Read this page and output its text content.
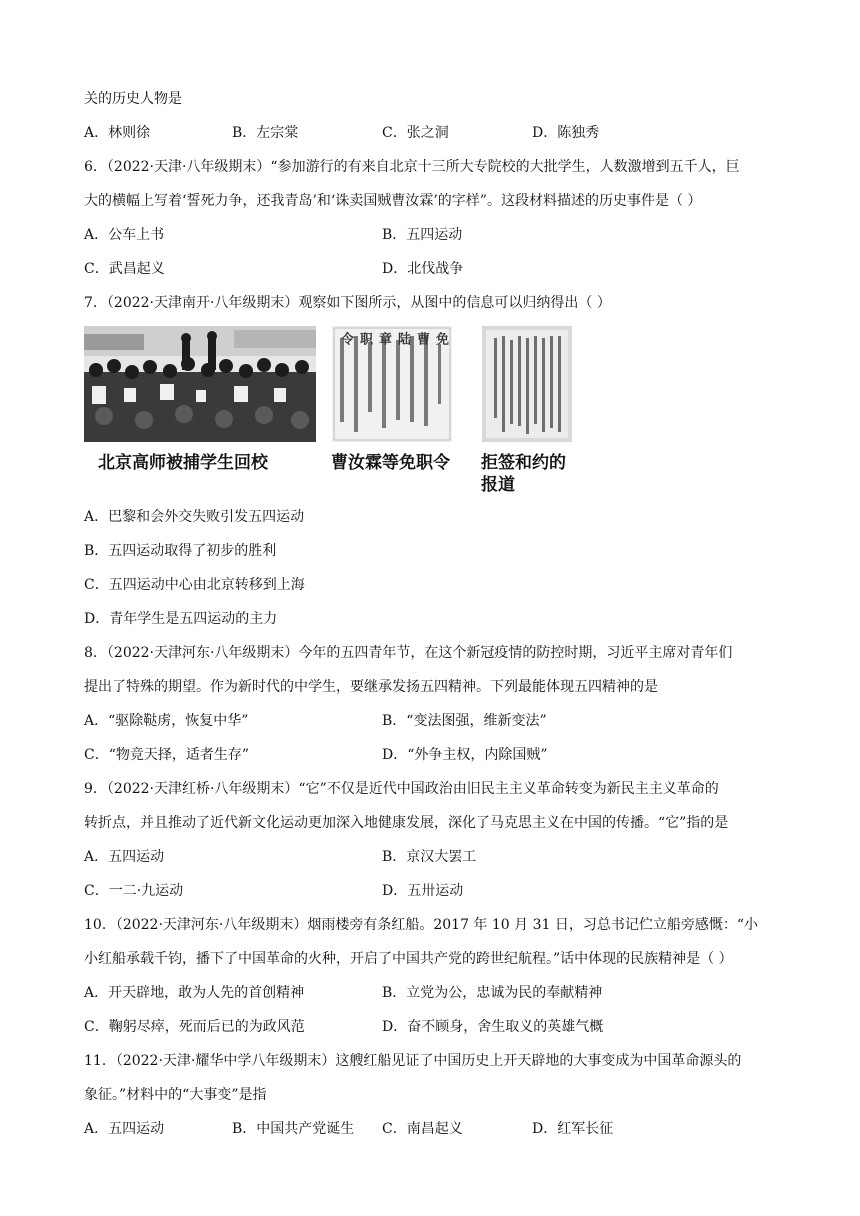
关的历史人物是
A．林则徐	B．左宗棠	C．张之洞	D．陈独秀
6．（2022·天津·八年级期末）“参加游行的有来自北京十三所大专院校的大批学生，人数激增到五千人，巨
大的横幅上写着‘誓死力争，还我青岛’和‘诛卖国贼曹汝霖’的字样”。这段材料描述的历史事件是（ ）
A．公车上书	B．五四运动
C．武昌起义	D．北伐战争
7．（2022·天津南开·八年级期末）观察如下图所示，从图中的信息可以归纳得出（ ）
免
曹
陆
章
职
令
北京高师被捕学生回校	曹汝霖等免职令 拒签和约的
报道
A．巴黎和会外交失败引发五四运动
B．五四运动取得了初步的胜利
C．五四运动中心由北京转移到上海
D．青年学生是五四运动的主力
8．（2022·天津河东·八年级期末）今年的五四青年节，在这个新冠疫情的防控时期，习近平主席对青年们
提出了特殊的期望。作为新时代的中学生，要继承发扬五四精神。下列最能体现五四精神的是
A．“驱除鞑虏，恢复中华”	B．“变法图强，维新变法”
C．“物竞天择，适者生存”	D．“外争主权，内除国贼”
9．（2022·天津红桥·八年级期末）“它”不仅是近代中国政治由旧民主主义革命转变为新民主主义革命的
转折点，并且推动了近代新文化运动更加深入地健康发展，深化了马克思主义在中国的传播。“它”指的是
A．五四运动	B．京汉大罢工
C．一二·九运动	D．五卅运动
10．（2022·天津河东·八年级期末）烟雨楼旁有条红船。2017 年 10 月 31 日，习总书记伫立船旁感慨：“小
小红船承载千钧，播下了中国革命的火种，开启了中国共产党的跨世纪航程。”话中体现的民族精神是（ ）
A．开天辟地，敢为人先的首创精神	B．立党为公，忠诚为民的奉献精神
C．鞠躬尽瘁，死而后已的为政风范	D．奋不顾身，舍生取义的英雄气概
11．（2022·天津·耀华中学八年级期末）这艘红船见证了中国历史上开天辟地的大事变成为中国革命源头的
象征。”材料中的“大事变”是指
A．五四运动	B．中国共产党诞生 C．南昌起义	D．红军长征
